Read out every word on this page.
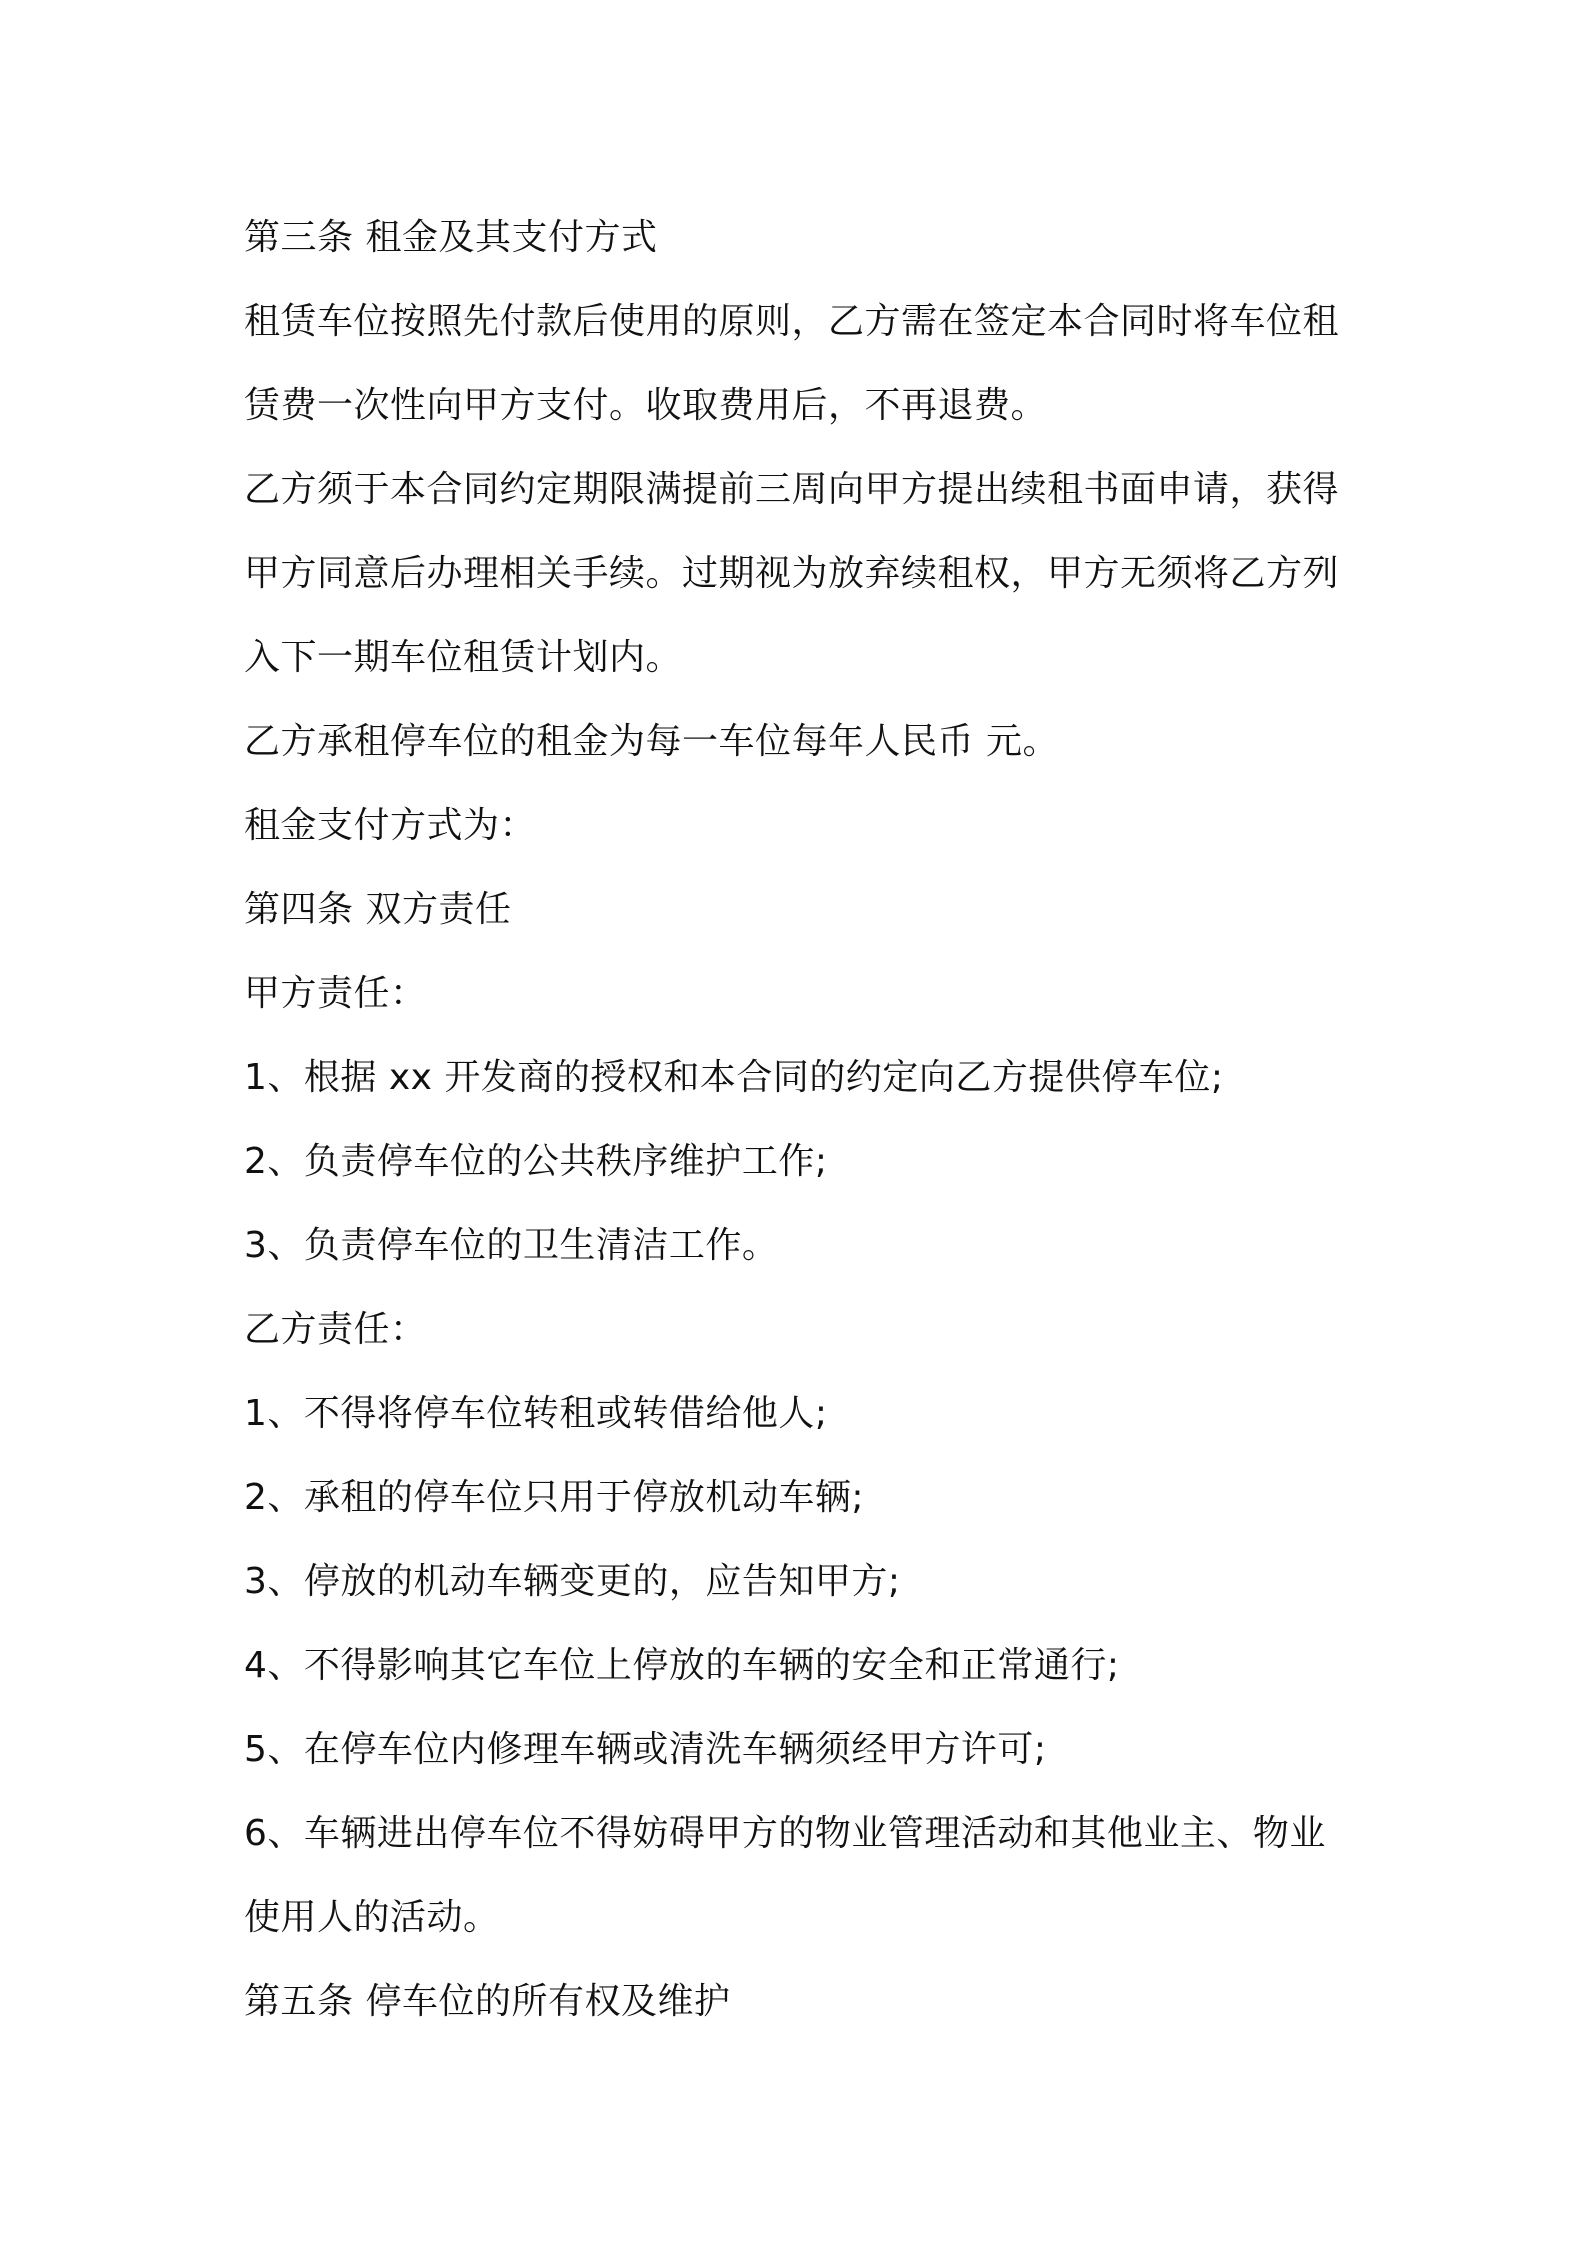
第三条 租金及其支付方式
租赁车位按照先付款后使用的原则，乙方需在签定本合同时将车位租
赁费一次性向甲方支付。收取费用后，不再退费。
乙方须于本合同约定期限满提前三周向甲方提出续租书面申请，获得
甲方同意后办理相关手续。过期视为放弃续租权，甲方无须将乙方列
入下一期车位租赁计划内。
乙方承租停车位的租金为每一车位每年人民币 元。
租金支付方式为：
第四条 双方责任
甲方责任：
1、根据 xx 开发商的授权和本合同的约定向乙方提供停车位;
2、负责停车位的公共秩序维护工作;
3、负责停车位的卫生清洁工作。
乙方责任：
1、不得将停车位转租或转借给他人;
2、承租的停车位只用于停放机动车辆;
3、停放的机动车辆变更的，应告知甲方;
4、不得影响其它车位上停放的车辆的安全和正常通行;
5、在停车位内修理车辆或清洗车辆须经甲方许可;
6、车辆进出停车位不得妨碍甲方的物业管理活动和其他业主、物业
使用人的活动。
第五条 停车位的所有权及维护
